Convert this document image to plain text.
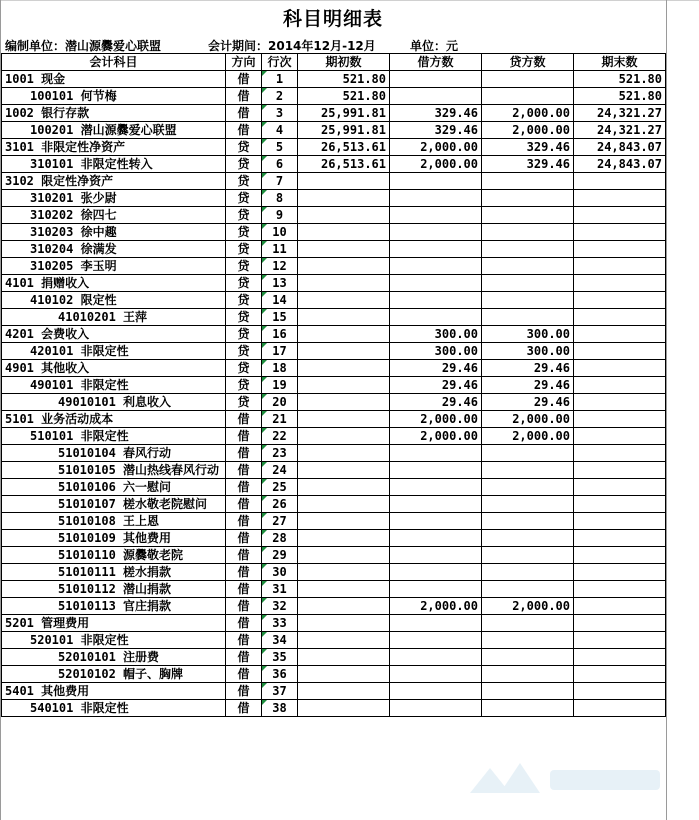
科目明细表
编制单位：潜山源爨爱心联盟	会计期间：2014年12月-12月	单位：元
会计科目	方向	行次	期初数	借方数	贷方数	期末数
1001 现金	借	1	521.80			521.80
100101 何节梅	借	2	521.80			521.80
1002 银行存款	借	3	25,991.81	329.46	2,000.00	24,321.27
100201 潜山源爨爱心联盟	借	4	25,991.81	329.46	2,000.00	24,321.27
3101 非限定性净资产	贷	5	26,513.61	2,000.00	329.46	24,843.07
310101 非限定性转入	贷	6	26,513.61	2,000.00	329.46	24,843.07
3102 限定性净资产	贷	7

310201 张少尉	贷	8

310202 徐四七	贷	9

310203 徐中趣	贷	10

310204 徐满发	贷	11

310205 李玉明	贷	12

4101 捐赠收入	贷	13

410102 限定性	贷	14

41010201 王萍	贷	15

4201 会费收入	贷	16		300.00	300.00	
420101 非限定性	贷	17		300.00	300.00	
4901 其他收入	贷	18		29.46	29.46	
490101 非限定性	贷	19		29.46	29.46	
49010101 利息收入	贷	20		29.46	29.46	
5101 业务活动成本	借	21		2,000.00	2,000.00	
510101 非限定性	借	22		2,000.00	2,000.00	
51010104 春风行动	借	23

51010105 潜山热线春风行动	借	24

51010106 六一慰问	借	25

51010107 槎水敬老院慰问	借	26

51010108 王上恩	借	27

51010109 其他费用	借	28

51010110 源爨敬老院	借	29

51010111 槎水捐款	借	30

51010112 潜山捐款	借	31

51010113 官庄捐款	借	32		2,000.00	2,000.00	
5201 管理费用	借	33

520101 非限定性	借	34

52010101 注册费	借	35

52010102 帽子、胸牌	借	36

5401 其他费用	借	37

540101 非限定性	借	38
